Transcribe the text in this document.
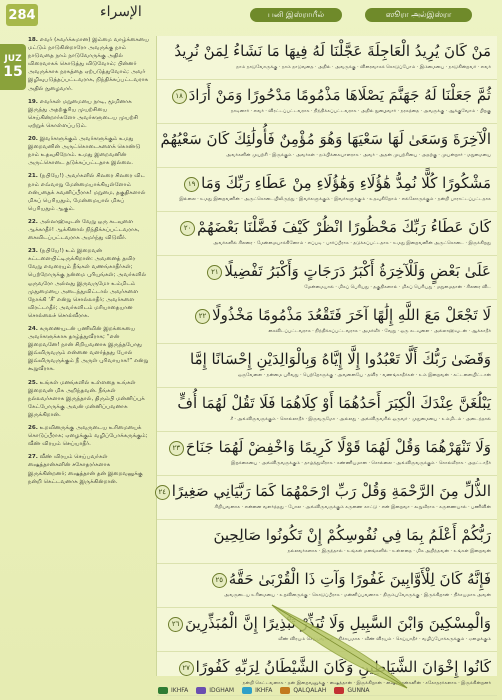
284	الإسراء	பனி இஸ்ராயீல்	ஸூரா அல்இஸ்ரா
JUZ
15

18. எவர் (சுவர்க்கமான) இம்மை வாழ்க்கையை மட்டும் நாடுகின்றாரோ அவருக்கு நாம் நாடுவதை நாம் நாடுவோருக்கு அதில் விரைவாகக் கொடுத்து விடுவோம்; பின்னர் அவருக்காக நரகத்தை ஏற்படுத்துவோம்; அவர் இழிவுபடுத்தப்பட்டவராக, நிந்திக்கப்பட்டவராக அதில் நுழைவார்.

19. எவர்கள் மறுமையை நாடி, மூமினாக இருந்து அதற்குரிய முயற்சியை செய்கின்றார்களோ அவர்களுடைய முயற்சி ஏற்றுக் கொள்ளப்படும்.

20. இவர்களுக்கும் அவர்களுக்கும் உமது இறைவனின் அருட்கொடைகளைக் கொண்டு நாம் உதவுகிறோம். உமது இறைவனின் அருட்கொடை தடுக்கப்பட்டதாக இல்லை.

21. (நபியே!) அவர்களில் சிலரை சிலரை விட நாம் எவ்வாறு மேன்மையாக்கியுள்ளோம் என்பதைக் கவனிப்பீராக! மறுமை, தகுதிகளால் மிகப் பெரியதும், மேன்மையால் மிகப் பெரியதும் ஆகும்.

22. அல்லாஹ்வுடன் வேறு ஒரு கடவுளை ஆக்காதீர்! ஆக்கினால் நிந்திக்கப்பட்டவராக, கைவிடப்பட்டவராக அமர்ந்து விடுவீர்.

23. (நபியே!) உம் இறைவன் கட்டளையிட்டிருக்கிறான்: அவனைத் தவிர வேறு எவரையும் நீங்கள் வணங்காதீர்கள்; பெற்றோருக்கு நன்மை புரியுங்கள்; அவர்களில் ஒருவரோ அல்லது இருவருமோ உம்மிடம் முதுமையை அடைந்துவிட்டால் அவர்களை நோக்கி ‘சீ’ என்று சொல்லாதீர்; அவர்களை விரட்டாதீர்; அவர்களிடம் மரியாதையான சொல்லைச் சொல்வீராக.

24. கருணையுடன் பணிவின் இறக்கையை அவர்களுக்காக தாழ்த்துவீராக; “என் இறைவனே! நான் சிறியவனாக இருந்தபோது இவ்விருவரும் என்னை வளர்த்தது போல் இவ்விருவருக்கும் நீ அருள் புரிவாயாக!” என்று கூறுவீராக.

25. உங்கள் மனங்களில் உள்ளதை உங்கள் இறைவன் மிக அறிந்தவன். நீங்கள் நல்லவர்களாக இருந்தால், திரும்பி மன்னிப்புக் கேட்போருக்கு அவன் மன்னிப்பவனாக இருக்கிறான்.

26. உறவினருக்கு அவருடைய உரிமையைக் கொடுப்பீராக; ஏழைக்கும் வழிப்போக்கருக்கும்; வீண் விரயம் செய்யாதீர்.

27. வீண் விரயம் செய்பவர்கள் ஷைத்தான்களின் சகோதரர்களாக இருக்கின்றனர்; ஷைத்தான் தன் இறைவனுக்கு நன்றி கெட்டவனாக இருக்கின்றான்.

مَنْ كَانَ يُرِيدُ الْعَاجِلَةَ عَجَّلْنَا لَهُ فِيهَا مَا نَشَاءُ لِمَنْ نُرِيدُ
நாம் நாடுவோருக்கு · நாம் நாடுவதை · அதில் · அவருக்கு · விரைவாகக் கொடுப்போம் · இம்மையை · நாடுகின்றவர் · எவர்
ثُمَّ جَعَلْنَا لَهُ جَهَنَّمَ يَصْلَاهَا مَذْمُومًا مَدْحُورًا وَمَنْ أَرَادَ١٨
நாடினார் · எவர் · விரட்டப்பட்டவராக · நிந்திக்கப்பட்டவராக · அதில் நுழைவார் · நரகத்தை · அவருக்கு · ஆக்குவோம் · பிறகு
الْآخِرَةَ وَسَعَىٰ لَهَا سَعْيَهَا وَهُوَ مُؤْمِنٌ فَأُولَٰئِكَ كَانَ سَعْيُهُمْ
அவர்களின் முயற்சி · இருக்கும் · அவர்கள் · நம்பிக்கையாளராக · அவர் · அதன் முயற்சியை · அதற்கு · முயன்றார் · மறுமையை
مَشْكُورًا كُلًّا نُمِدُّ هَٰؤُلَاءِ وَهَٰؤُلَاءِ مِنْ عَطَاءِ رَبِّكَ وَمَا١٩
இல்லை · உமது இறைவனின் · அருட்கொடையிலிருந்து · இவர்களுக்கும் · இவர்களுக்கும் · உதவுகிறோம் · எல்லோருக்கும் · நன்றி பாராட்டப்பட்டதாக
كَانَ عَطَاءُ رَبِّكَ مَحْظُورًا انْظُرْ كَيْفَ فَضَّلْنَا بَعْضَهُمْ٢٠
அவர்களில் சிலரை · மேன்மையாக்கினோம் · எப்படி · பார்ப்பீராக · தடுக்கப்பட்டதாக · உமது இறைவனின் அருட்கொடை · இருக்கிறது
عَلَىٰ بَعْضٍ وَلَلْآخِرَةُ أَكْبَرُ دَرَجَاتٍ وَأَكْبَرُ تَفْضِيلًا٢١
மேன்மையால் · மிகப் பெரியது · தகுதிகளால் · மிகப் பெரியது · மறுமைதான் · சிலரை விட
لَا تَجْعَلْ مَعَ اللَّهِ إِلَٰهًا آخَرَ فَتَقْعُدَ مَذْمُومًا مَخْذُولًا٢٢
கைவிடப்பட்டவராக · நிந்திக்கப்பட்டவராக · அமர்வீர் · வேறு · ஒரு கடவுளை · அல்லாஹ்வுடன் · ஆக்காதீர்
وَقَضَىٰ رَبُّكَ أَلَّا تَعْبُدُوا إِلَّا إِيَّاهُ وَبِالْوَالِدَيْنِ إِحْسَانًا إِمَّا
ஒருவேளை · நன்மை புரிவது · பெற்றோருக்கு · அவனையே · தவிர · வணங்காதீர்கள் · உம் இறைவன் · கட்டளையிட்டான்
يَبْلُغَنَّ عِنْدَكَ الْكِبَرَ أَحَدُهُمَا أَوْ كِلَاهُمَا فَلَا تَقُلْ لَهُمَا أُفٍّ
சீ · அவ்விருவருக்கும் · சொல்லாதீர் · இருவருமோ · அல்லது · அவ்விருவரில் ஒருவர் · முதுமையை · உம்மிடம் · அடைந்தால்
وَلَا تَنْهَرْهُمَا وَقُلْ لَهُمَا قَوْلًا كَرِيمًا وَاخْفِضْ لَهُمَا جَنَاحَ٢٣
இறக்கையை · அவ்விருவருக்கும் · தாழ்த்துவீராக · கண்ணியமான · சொல்லை · அவ்விருவருக்கும் · சொல்வீராக · அதட்டாதீர்
الذُّلِّ مِنَ الرَّحْمَةِ وَقُلْ رَبِّ ارْحَمْهُمَا كَمَا رَبَّيَانِي صَغِيرًا٢٤
சிறியவனாக · என்னை வளர்த்தது · போல · அவ்விருவருக்கும் கருணை காட்டு · என் இறைவா · கூறுவீராக · கருணையால் · பணிவின்
رَبُّكُمْ أَعْلَمُ بِمَا فِي نُفُوسِكُمْ إِنْ تَكُونُوا صَالِحِينَ
நல்லவர்களாக · இருந்தால் · உங்கள் மனங்களில் · உள்ளதை · மிக அறிந்தவன் · உங்கள் இறைவன்
فَإِنَّهُ كَانَ لِلْأَوَّابِينَ غَفُورًا وَآتِ ذَا الْقُرْبَىٰ حَقَّهُ٢٥
அவருடைய உரிமையை · உறவினருக்கு · கொடுப்பீராக · மன்னிப்பவனாக · திரும்புவோருக்கு · இருக்கிறான் · நிச்சயமாக அவன்
وَالْمِسْكِينَ وَابْنَ السَّبِيلِ وَلَا تُبَذِّرْ تَبْذِيرًا إِنَّ الْمُبَذِّرِينَ٢٦
வீண் விரயம் செய்பவர்கள் · நிச்சயமாக · வீண் விரயம் · செய்யாதீர் · வழிப்போக்கருக்கும் · ஏழைக்கும்
كَانُوا إِخْوَانَ الشَّيَاطِينِ وَكَانَ الشَّيْطَانُ لِرَبِّهِ كَفُورًا٢٧
நன்றி கெட்டவனாக · தன் இறைவனுக்கு · ஷைத்தான் · இருக்கிறான் · ஷைத்தான்களின் · சகோதரர்களாக · இருக்கின்றனர்
IKHFA	IDGHAM	IKHFA	QALQALAH	GUNNA
